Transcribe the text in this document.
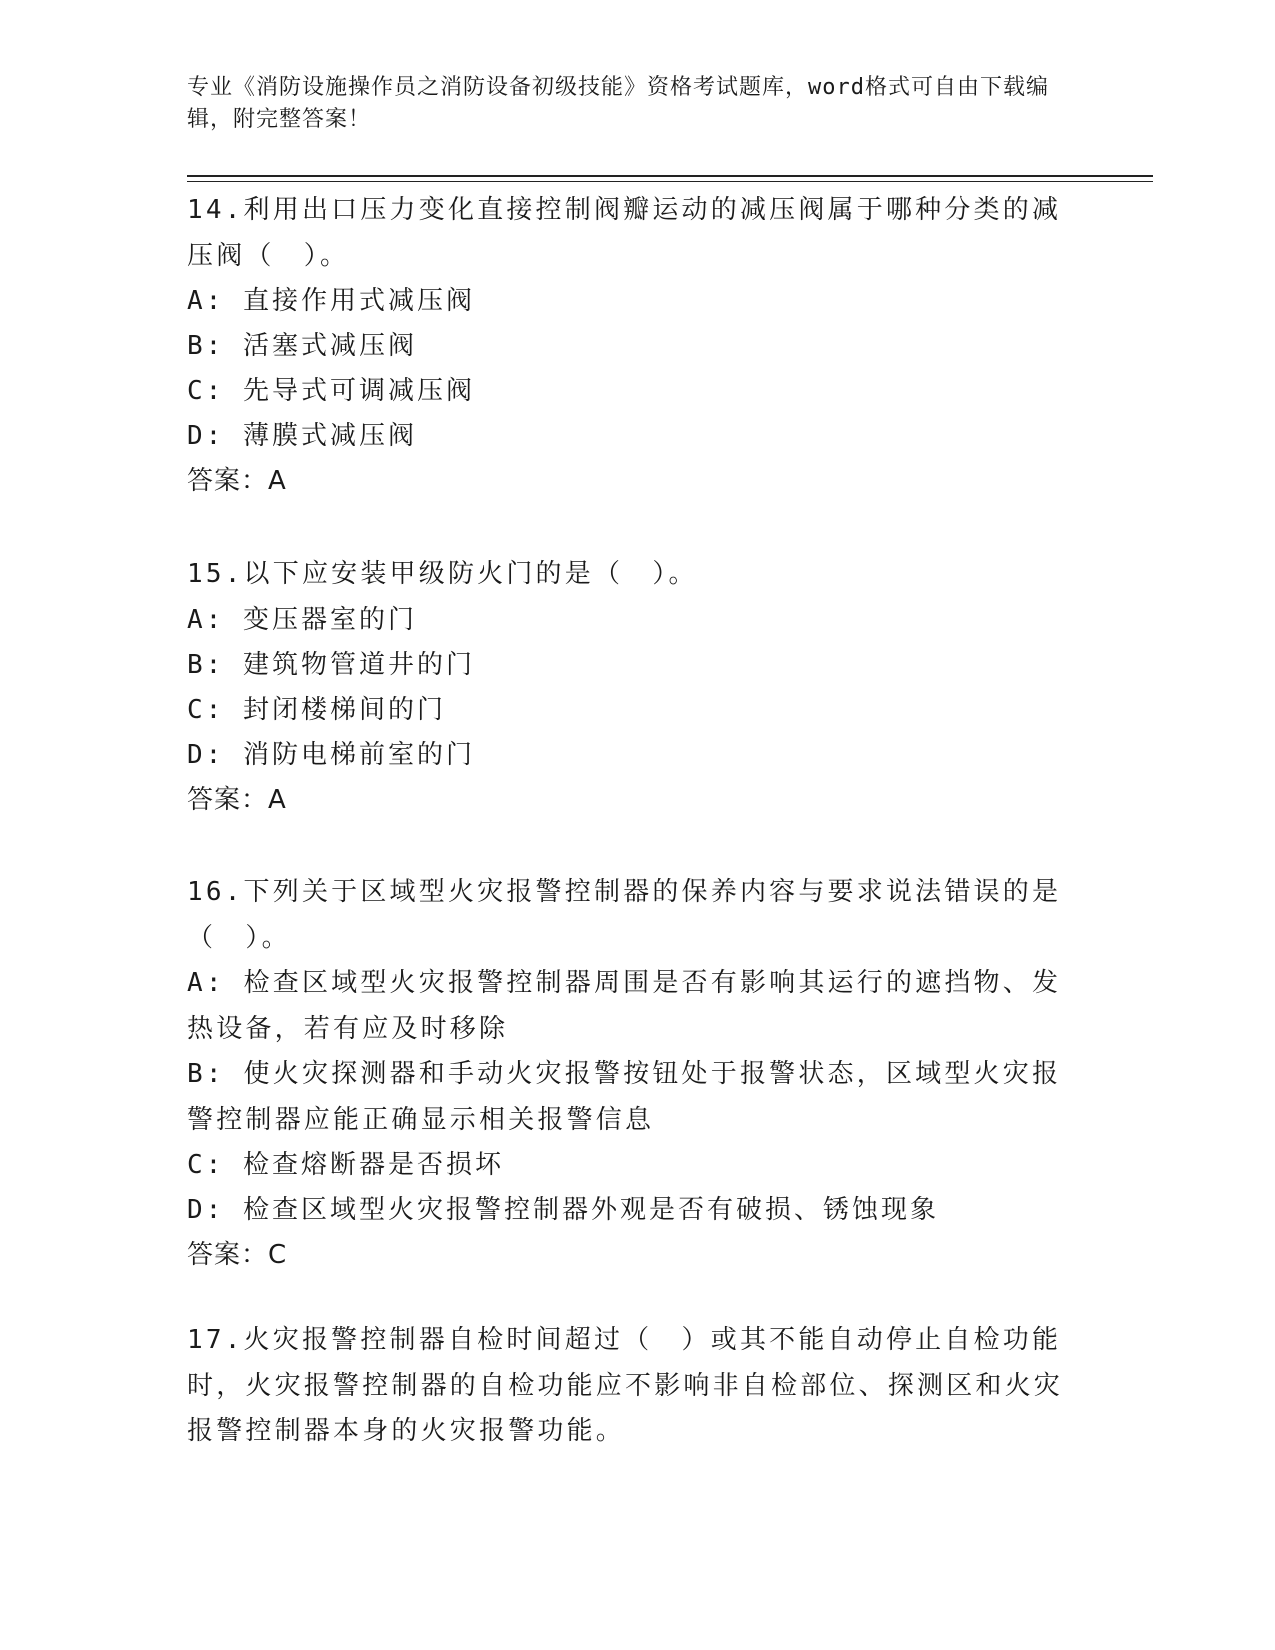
专业《消防设施操作员之消防设备初级技能》资格考试题库，word格式可自由下载编辑，附完整答案！

14.利用出口压力变化直接控制阀瓣运动的减压阀属于哪种分类的减压阀（　）。

A: 直接作用式减压阀

B: 活塞式减压阀

C: 先导式可调减压阀

D: 薄膜式减压阀

答案：A

15.以下应安装甲级防火门的是（　）。

A: 变压器室的门

B: 建筑物管道井的门

C: 封闭楼梯间的门

D: 消防电梯前室的门

答案：A

16.下列关于区域型火灾报警控制器的保养内容与要求说法错误的是（　）。

A: 检查区域型火灾报警控制器周围是否有影响其运行的遮挡物、发热设备，若有应及时移除

B: 使火灾探测器和手动火灾报警按钮处于报警状态，区域型火灾报警控制器应能正确显示相关报警信息

C: 检查熔断器是否损坏

D: 检查区域型火灾报警控制器外观是否有破损、锈蚀现象

答案：C

17.火灾报警控制器自检时间超过（　）或其不能自动停止自检功能时，火灾报警控制器的自检功能应不影响非自检部位、探测区和火灾报警控制器本身的火灾报警功能。
